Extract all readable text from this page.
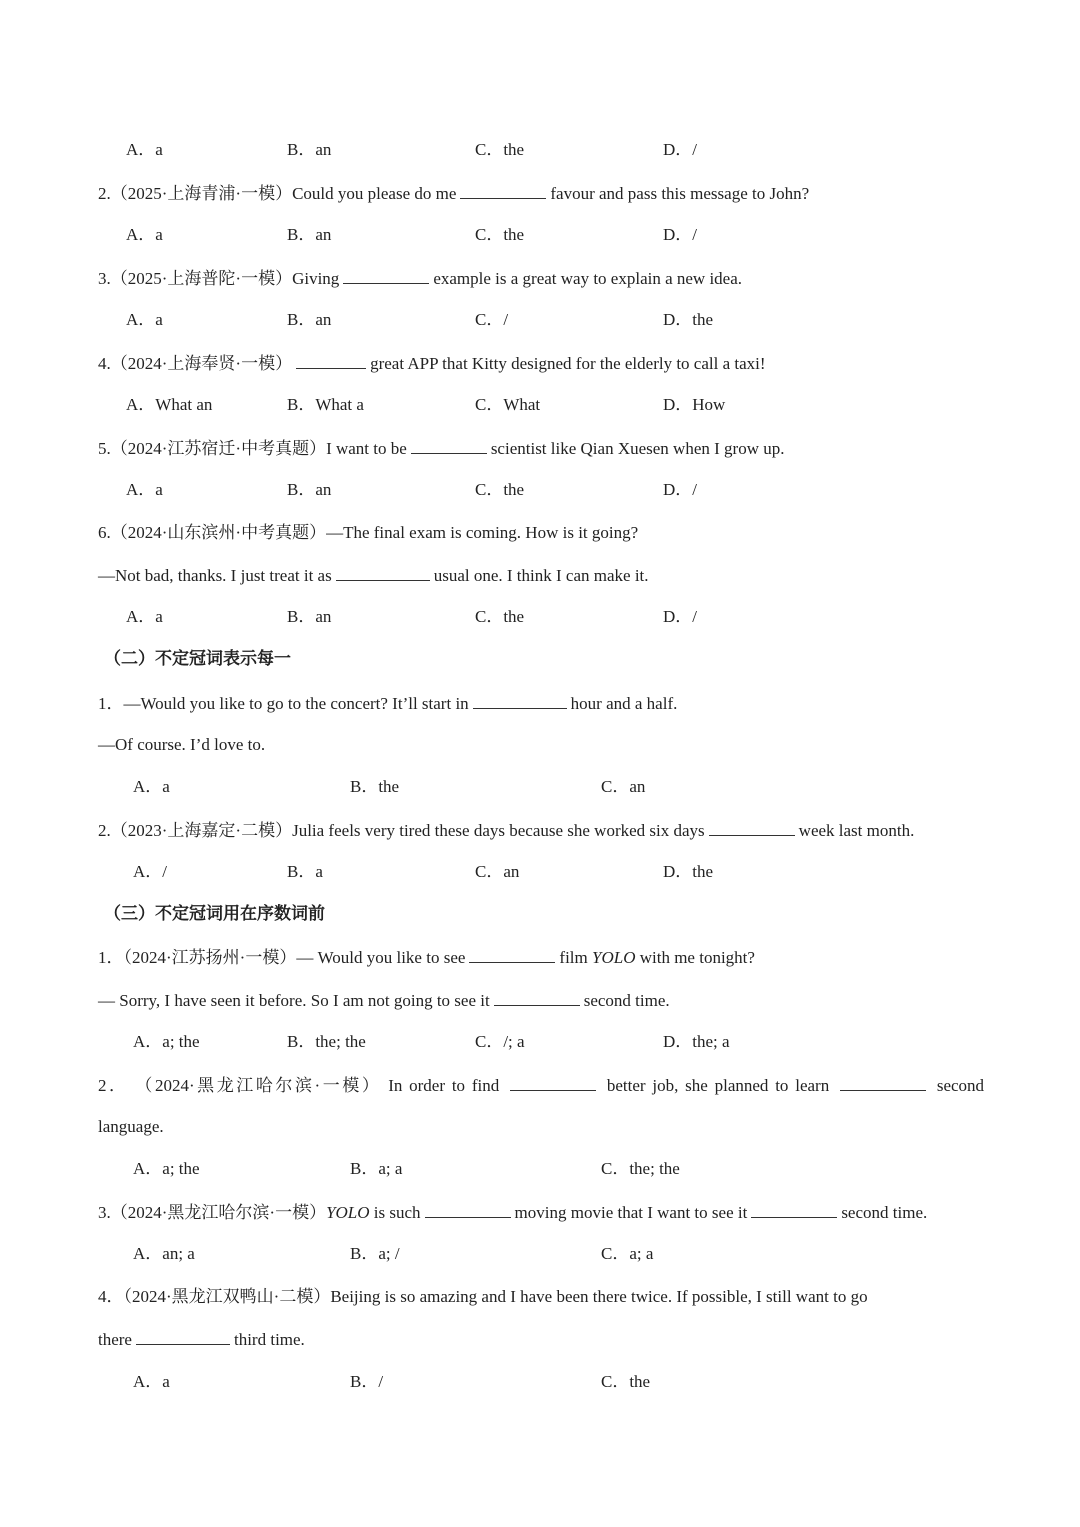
A．a	B．an	C．the	D．/
2.（2025·上海青浦·一模）Could you please do me	favour and pass this message to John?
A．a	B．an	C．the	D．/
3.（2025·上海普陀·一模）Giving	example is a great way to explain a new idea.
A．a	B．an	C．/	D．the
4.（2024·上海奉贤·一模）	great APP that Kitty designed for the elderly to call a taxi!
A．What an	B．What a	C．What	D．How
5.（2024·江苏宿迁·中考真题）I want to be	scientist like Qian Xuesen when I grow up.
A．a	B．an	C．the	D．/
6.（2024·山东滨州·中考真题）—The final exam is coming. How is it going?
—Not bad, thanks. I just treat it as	usual one. I think I can make it.
A．a	B．an	C．the	D．/
（二）不定冠词表示每一
1．—Would you like to go to the concert? It’ll start in	hour and a half.
—Of course. I’d love to.
A．a	B．the	C．an
2.（2023·上海嘉定·二模）Julia feels very tired these days because she worked six days	week last month.
A．/	B．a	C．an	D．the
（三）不定冠词用在序数词前
1．（2024·江苏扬州·一模）— Would you like to see	film YOLO with me tonight?
— Sorry, I have seen it before. So I am not going to see it	second time.
A．a; the	B．the; the	C．/; a	D．the; a
2． （2024·黑龙江哈尔滨·一模） In order to find	better job, she planned to learn	second
language.
A．a; the	B．a; a	C．the; the
3.（2024·黑龙江哈尔滨·一模）YOLO is such	moving movie that I want to see it	second time.
A．an; a	B．a; /	C．a; a
4．（2024·黑龙江双鸭山·二模）Beijing is so amazing and I have been there twice. If possible, I still want to go
there	third time.
A．a	B．/	C．the
